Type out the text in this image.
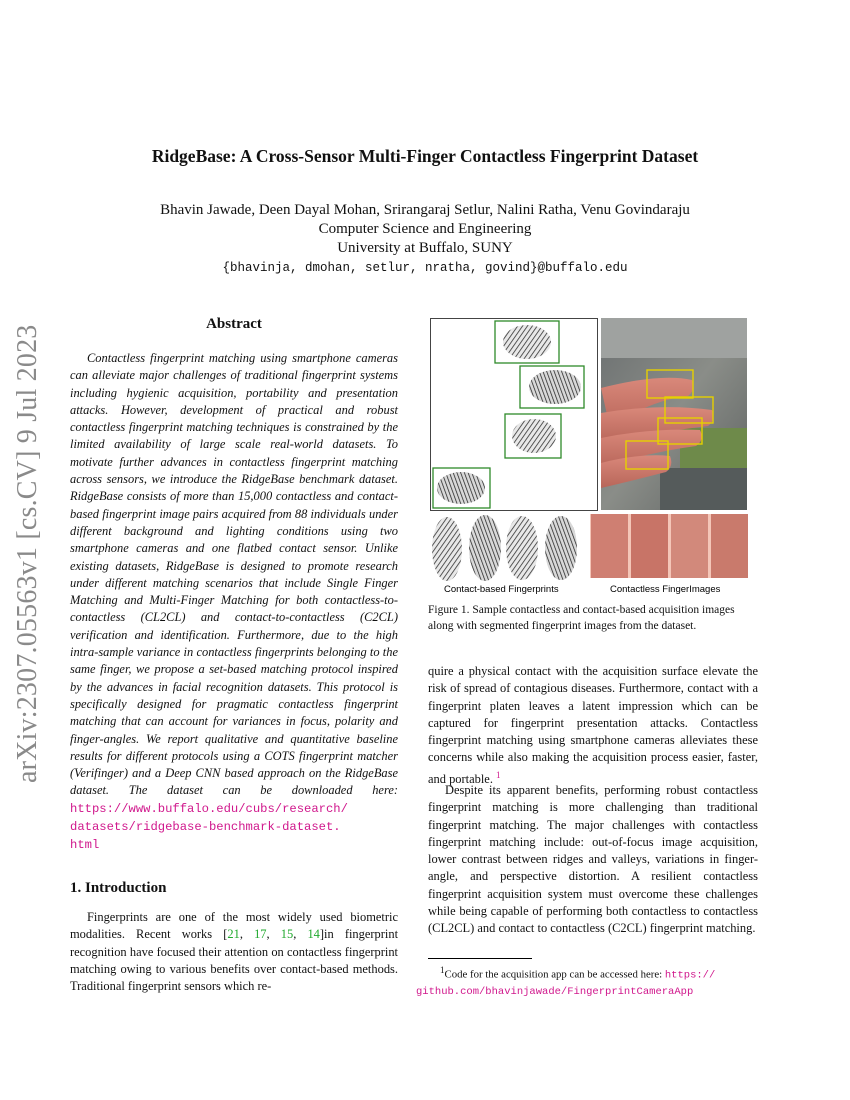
arXiv:2307.05563v1 [cs.CV] 9 Jul 2023
RidgeBase: A Cross-Sensor Multi-Finger Contactless Fingerprint Dataset
Bhavin Jawade, Deen Dayal Mohan, Srirangaraj Setlur, Nalini Ratha, Venu Govindaraju
Computer Science and Engineering
University at Buffalo, SUNY
{bhavinja, dmohan, setlur, nratha, govind}@buffalo.edu
Abstract
Contactless fingerprint matching using smartphone cameras can alleviate major challenges of traditional fingerprint systems including hygienic acquisition, portability and presentation attacks. However, development of practical and robust contactless fingerprint matching techniques is constrained by the limited availability of large scale real-world datasets. To motivate further advances in contactless fingerprint matching across sensors, we introduce the RidgeBase benchmark dataset. RidgeBase consists of more than 15,000 contactless and contact-based fingerprint image pairs acquired from 88 individuals under different background and lighting conditions using two smartphone cameras and one flatbed contact sensor. Unlike existing datasets, RidgeBase is designed to promote research under different matching scenarios that include Single Finger Matching and Multi-Finger Matching for both contactless-to-contactless (CL2CL) and contact-to-contactless (C2CL) verification and identification. Furthermore, due to the high intra-sample variance in contactless fingerprints belonging to the same finger, we propose a set-based matching protocol inspired by the advances in facial recognition datasets. This protocol is specifically designed for pragmatic contactless fingerprint matching that can account for variances in focus, polarity and finger-angles. We report qualitative and quantitative baseline results for different protocols using a COTS fingerprint matcher (Verifinger) and a Deep CNN based approach on the RidgeBase dataset. The dataset can be downloaded here: https://www.buffalo.edu/cubs/research/
datasets/ridgebase-benchmark-dataset.
html
1. Introduction
Fingerprints are one of the most widely used biometric modalities. Recent works [21, 17, 15, 14]in fingerprint recognition have focused their attention on contactless fingerprint matching owing to various benefits over contact-based methods. Traditional fingerprint sensors which re-
Contact-based Fingerprints	Contactless FingerImages
Figure 1. Sample contactless and contact-based acquisition images along with segmented fingerprint images from the dataset.
quire a physical contact with the acquisition surface elevate the risk of spread of contagious diseases. Furthermore, contact with a fingerprint platen leaves a latent impression which can be captured for fingerprint presentation attacks. Contactless fingerprint matching using smartphone cameras alleviates these concerns while also making the acquisition process easier, faster, and portable. $^1$
Despite its apparent benefits, performing robust contactless fingerprint matching is more challenging than traditional fingerprint matching. The major challenges with contactless fingerprint matching include: out-of-focus image acquisition, lower contrast between ridges and valleys, variations in finger-angle, and perspective distortion. A resilient contactless fingerprint acquisition system must overcome these challenges while being capable of performing both contactless to contactless (CL2CL) and contact to contactless (C2CL) fingerprint matching.
$^1$Code for the acquisition app can be accessed here: https://
github.com/bhavinjawade/FingerprintCameraApp
